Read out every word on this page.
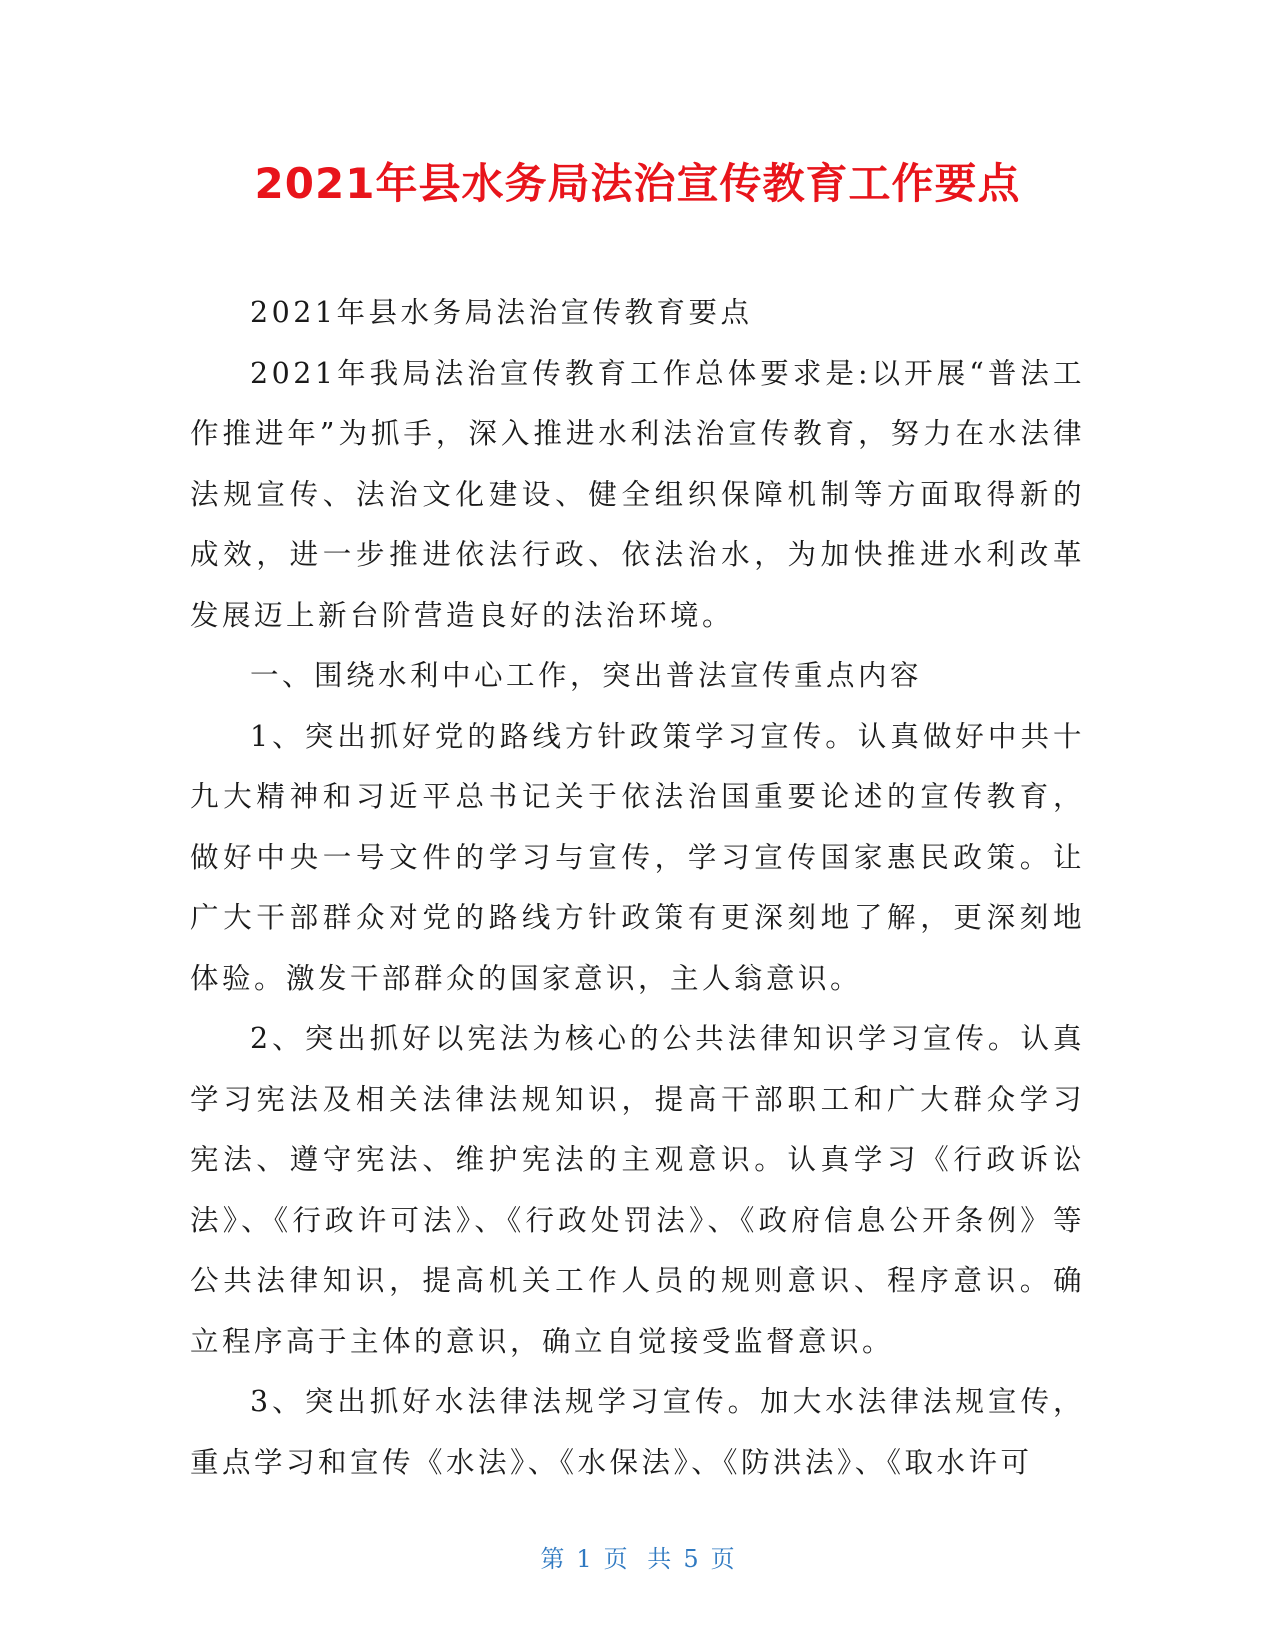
2021年县水务局法治宣传教育工作要点

2021年县水务局法治宣传教育要点

2021年我局法治宣传教育工作总体要求是:以开展“普法工作推进年”为抓手，深入推进水利法治宣传教育，努力在水法律法规宣传、法治文化建设、健全组织保障机制等方面取得新的成效，进一步推进依法行政、依法治水，为加快推进水利改革发展迈上新台阶营造良好的法治环境。

一、围绕水利中心工作，突出普法宣传重点内容

1、突出抓好党的路线方针政策学习宣传。认真做好中共十九大精神和习近平总书记关于依法治国重要论述的宣传教育，做好中央一号文件的学习与宣传，学习宣传国家惠民政策。让广大干部群众对党的路线方针政策有更深刻地了解，更深刻地体验。激发干部群众的国家意识，主人翁意识。

2、突出抓好以宪法为核心的公共法律知识学习宣传。认真学习宪法及相关法律法规知识，提高干部职工和广大群众学习宪法、遵守宪法、维护宪法的主观意识。认真学习《行政诉讼法》、《行政许可法》、《行政处罚法》、《政府信息公开条例》等公共法律知识，提高机关工作人员的规则意识、程序意识。确立程序高于主体的意识，确立自觉接受监督意识。

3、突出抓好水法律法规学习宣传。加大水法律法规宣传，重点学习和宣传《水法》、《水保法》、《防洪法》、《取水许可

第 1 页 共 5 页
